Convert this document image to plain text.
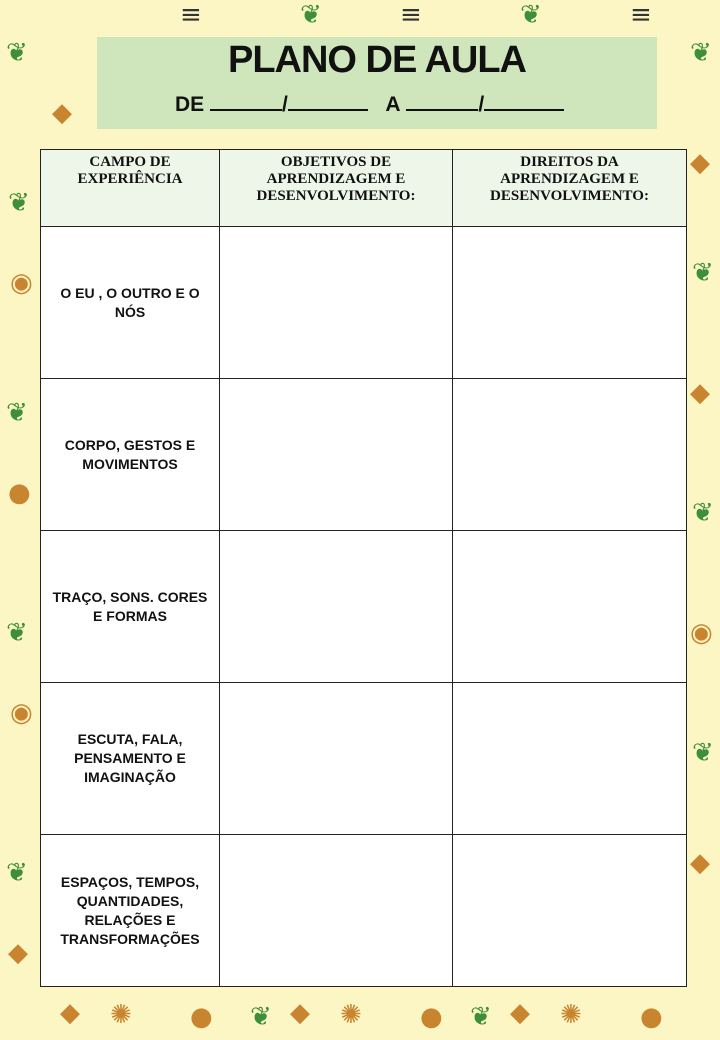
❦
◆
❦
◉
❦
●
❦
◉
❦
◆
❦
◆
❦
◆
❦
◉
❦
◆
≡	❦	≡	❦	≡
◆ ✺ ● ❦ ◆ ✺ ● ❦ ◆ ✺ ●
PLANO DE AULA
DE	/	A	/
CAMPO DE EXPERIÊNCIA	OBJETIVOS DE APRENDIZAGEM E DESENVOLVIMENTO:	DIREITOS DA APRENDIZAGEM E DESENVOLVIMENTO:
O EU , O OUTRO E O NÓS		
CORPO, GESTOS E MOVIMENTOS		
TRAÇO, SONS. CORES E FORMAS		
ESCUTA, FALA, PENSAMENTO E IMAGINAÇÃO		
ESPAÇOS, TEMPOS, QUANTIDADES, RELAÇÕES E TRANSFORMAÇÕES		
